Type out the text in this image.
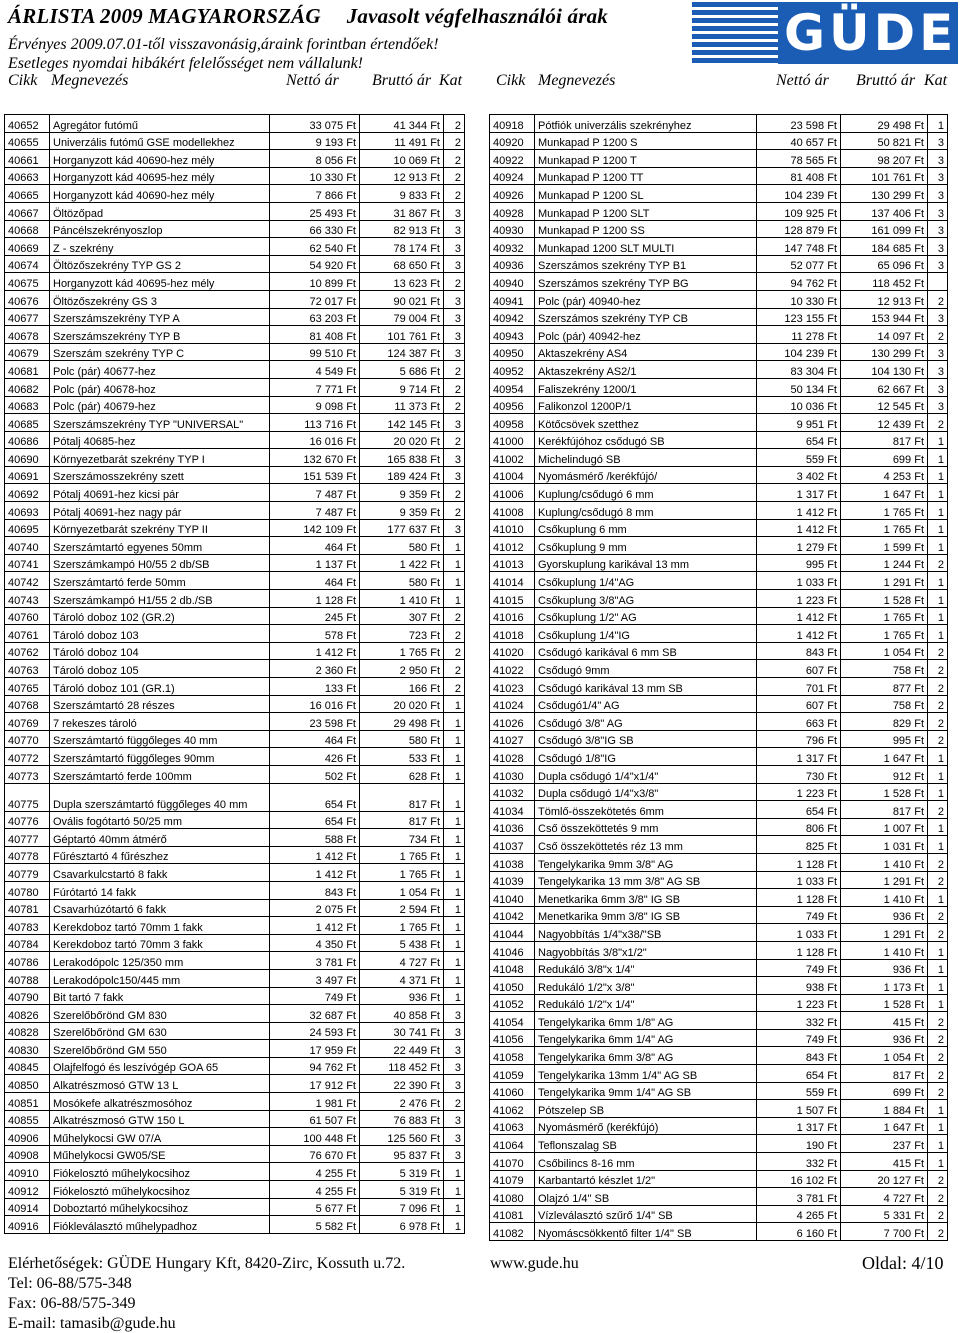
ÁRLISTA 2009 MAGYARORSZÁG Javasolt végfelhasználói árak
Érvényes 2009.07.01-től visszavonásig,áraink forintban értendőek!
Esetleges nyomdai hibákért felelősséget nem vállalunk!
GÜDE
Cikk Megnevezés	Nettó ár Bruttó ár Kat Cikk Megnevezés	Nettó ár Bruttó ár Kat
40652	Agregátor futómű	33 075 Ft	41 344 Ft	2
40655	Univerzális futómű GSE modellekhez	9 193 Ft	11 491 Ft	2
40661	Horganyzott kád 40690-hez mély	8 056 Ft	10 069 Ft	2
40663	Horganyzott kád 40695-hez mély	10 330 Ft	12 913 Ft	2
40665	Horganyzott kád 40690-hez mély	7 866 Ft	9 833 Ft	2
40667	Öltözőpad	25 493 Ft	31 867 Ft	3
40668	Páncélszekrényoszlop	66 330 Ft	82 913 Ft	3
40669	Z - szekrény	62 540 Ft	78 174 Ft	3
40674	Öltözőszekrény TYP GS 2	54 920 Ft	68 650 Ft	3
40675	Horganyzott kád 40695-hez mély	10 899 Ft	13 623 Ft	2
40676	Öltözőszekrény GS 3	72 017 Ft	90 021 Ft	3
40677	Szerszámszekrény TYP A	63 203 Ft	79 004 Ft	3
40678	Szerszámszekrény TYP B	81 408 Ft	101 761 Ft	3
40679	Szerszám szekrény TYP C	99 510 Ft	124 387 Ft	3
40681	Polc (pár) 40677-hez	4 549 Ft	5 686 Ft	2
40682	Polc (pár) 40678-hoz	7 771 Ft	9 714 Ft	2
40683	Polc (pár) 40679-hez	9 098 Ft	11 373 Ft	2
40685	Szerszámszekrény TYP "UNIVERSAL"	113 716 Ft	142 145 Ft	3
40686	Pótalj 40685-hez	16 016 Ft	20 020 Ft	2
40690	Környezetbarát szekrény TYP I	132 670 Ft	165 838 Ft	3
40691	Szerszámosszekrény szett	151 539 Ft	189 424 Ft	3
40692	Pótalj 40691-hez kicsi pár	7 487 Ft	9 359 Ft	2
40693	Pótalj 40691-hez nagy pár	7 487 Ft	9 359 Ft	2
40695	Környezetbarát szekrény TYP II	142 109 Ft	177 637 Ft	3
40740	Szerszámtartó egyenes 50mm	464 Ft	580 Ft	1
40741	Szerszámkampó H0/55 2 db/SB	1 137 Ft	1 422 Ft	1
40742	Szerszámtartó ferde 50mm	464 Ft	580 Ft	1
40743	Szerszámkampó H1/55 2 db./SB	1 128 Ft	1 410 Ft	1
40760	Tároló doboz 102 (GR.2)	245 Ft	307 Ft	2
40761	Tároló doboz 103	578 Ft	723 Ft	2
40762	Tároló doboz 104	1 412 Ft	1 765 Ft	2
40763	Tároló doboz 105	2 360 Ft	2 950 Ft	2
40765	Tároló doboz 101 (GR.1)	133 Ft	166 Ft	2
40768	Szerszámtartó 28 részes	16 016 Ft	20 020 Ft	1
40769	7 rekeszes tároló	23 598 Ft	29 498 Ft	1
40770	Szerszámtartó függőleges 40 mm	464 Ft	580 Ft	1
40772	Szerszámtartó függőleges 90mm	426 Ft	533 Ft	1
40773	Szerszámtartó ferde 100mm	502 Ft	628 Ft	1
40775	Dupla szerszámtartó függőleges 40 mm	654 Ft	817 Ft	1
40776	Ovális fogótartó 50/25 mm	654 Ft	817 Ft	1
40777	Géptartó 40mm átmérő	588 Ft	734 Ft	1
40778	Fűrésztartó 4 fűrészhez	1 412 Ft	1 765 Ft	1
40779	Csavarkulcstartó 8 fakk	1 412 Ft	1 765 Ft	1
40780	Fúrótartó 14 fakk	843 Ft	1 054 Ft	1
40781	Csavarhúzótartó 6 fakk	2 075 Ft	2 594 Ft	1
40783	Kerekdoboz tartó 70mm 1 fakk	1 412 Ft	1 765 Ft	1
40784	Kerekdoboz tartó 70mm 3 fakk	4 350 Ft	5 438 Ft	1
40786	Lerakodópolc 125/350 mm	3 781 Ft	4 727 Ft	1
40788	Lerakodópolc150/445 mm	3 497 Ft	4 371 Ft	1
40790	Bit tartó 7 fakk	749 Ft	936 Ft	1
40826	Szerelőbőrönd GM 830	32 687 Ft	40 858 Ft	3
40828	Szerelőbőrönd GM 630	24 593 Ft	30 741 Ft	3
40830	Szerelőbőrönd GM 550	17 959 Ft	22 449 Ft	3
40845	Olajfelfogó és leszívógép GOA 65	94 762 Ft	118 452 Ft	3
40850	Alkatrészmosó GTW 13 L	17 912 Ft	22 390 Ft	3
40851	Mosókefe alkatrészmosóhoz	1 981 Ft	2 476 Ft	2
40855	Alkatrészmosó GTW 150 L	61 507 Ft	76 883 Ft	3
40906	Műhelykocsi GW 07/A	100 448 Ft	125 560 Ft	3
40908	Műhelykocsi GW05/SE	76 670 Ft	95 837 Ft	3
40910	Fiókelosztó műhelykocsihoz	4 255 Ft	5 319 Ft	1
40912	Fiókelosztó műhelykocsihoz	4 255 Ft	5 319 Ft	1
40914	Doboztartó műhelykocsihoz	5 677 Ft	7 096 Ft	1
40916	Fiókleválasztó műhelypadhoz	5 582 Ft	6 978 Ft	1
40918	Pótfiók univerzális szekrényhez	23 598 Ft	29 498 Ft	1
40920	Munkapad P 1200 S	40 657 Ft	50 821 Ft	3
40922	Munkapad P 1200 T	78 565 Ft	98 207 Ft	3
40924	Munkapad P 1200 TT	81 408 Ft	101 761 Ft	3
40926	Munkapad P 1200 SL	104 239 Ft	130 299 Ft	3
40928	Munkapad P 1200 SLT	109 925 Ft	137 406 Ft	3
40930	Munkapad P 1200 SS	128 879 Ft	161 099 Ft	3
40932	Munkapad 1200 SLT MULTI	147 748 Ft	184 685 Ft	3
40936	Szerszámos szekrény TYP B1	52 077 Ft	65 096 Ft	3
40940	Szerszámos szekrény TYP BG	94 762 Ft	118 452 Ft	
40941	Polc (pár) 40940-hez	10 330 Ft	12 913 Ft	2
40942	Szerszámos szekrény TYP CB	123 155 Ft	153 944 Ft	3
40943	Polc (pár) 40942-hez	11 278 Ft	14 097 Ft	2
40950	Aktaszekrény AS4	104 239 Ft	130 299 Ft	3
40952	Aktaszekrény AS2/1	83 304 Ft	104 130 Ft	3
40954	Faliszekrény 1200/1	50 134 Ft	62 667 Ft	3
40956	Falikonzol 1200P/1	10 036 Ft	12 545 Ft	3
40958	Kötőcsövek szetthez	9 951 Ft	12 439 Ft	2
41000	Kerékfújóhoz csődugó SB	654 Ft	817 Ft	1
41002	Michelindugó SB	559 Ft	699 Ft	1
41004	Nyomásmérő /kerékfújó/	3 402 Ft	4 253 Ft	1
41006	Kuplung/csődugó 6 mm	1 317 Ft	1 647 Ft	1
41008	Kuplung/csődugó 8 mm	1 412 Ft	1 765 Ft	1
41010	Csőkuplung 6 mm	1 412 Ft	1 765 Ft	1
41012	Csőkuplung 9 mm	1 279 Ft	1 599 Ft	1
41013	Gyorskuplung karikával 13 mm	995 Ft	1 244 Ft	2
41014	Csőkuplung 1/4"AG	1 033 Ft	1 291 Ft	1
41015	Csőkuplung 3/8"AG	1 223 Ft	1 528 Ft	1
41016	Csőkuplung 1/2" AG	1 412 Ft	1 765 Ft	1
41018	Csőkuplung 1/4"IG	1 412 Ft	1 765 Ft	1
41020	Csődugó karikával 6 mm SB	843 Ft	1 054 Ft	2
41022	Csődugó 9mm	607 Ft	758 Ft	2
41023	Csődugó karikával 13 mm SB	701 Ft	877 Ft	2
41024	Csődugó1/4" AG	607 Ft	758 Ft	2
41026	Csődugó 3/8" AG	663 Ft	829 Ft	2
41027	Csődugó 3/8"IG SB	796 Ft	995 Ft	2
41028	Csődugó 1/8"IG	1 317 Ft	1 647 Ft	1
41030	Dupla csődugó 1/4"x1/4"	730 Ft	912 Ft	1
41032	Dupla csődugó 1/4"x3/8"	1 223 Ft	1 528 Ft	1
41034	Tömlő-összekötetés 6mm	654 Ft	817 Ft	2
41036	Cső összeköttetés 9 mm	806 Ft	1 007 Ft	1
41037	Cső összeköttetés réz 13 mm	825 Ft	1 031 Ft	1
41038	Tengelykarika 9mm 3/8" AG	1 128 Ft	1 410 Ft	2
41039	Tengelykarika 13 mm 3/8" AG SB	1 033 Ft	1 291 Ft	2
41040	Menetkarika 6mm 3/8" IG SB	1 128 Ft	1 410 Ft	1
41042	Menetkarika 9mm 3/8" IG SB	749 Ft	936 Ft	2
41044	Nagyobbítás 1/4"x38/"SB	1 033 Ft	1 291 Ft	2
41046	Nagyobbítás 3/8"x1/2"	1 128 Ft	1 410 Ft	1
41048	Redukáló 3/8"x 1/4"	749 Ft	936 Ft	1
41050	Redukáló 1/2"x 3/8"	938 Ft	1 173 Ft	1
41052	Redukáló 1/2"x 1/4"	1 223 Ft	1 528 Ft	1
41054	Tengelykarika 6mm 1/8" AG	332 Ft	415 Ft	2
41056	Tengelykarika 6mm 1/4" AG	749 Ft	936 Ft	2
41058	Tengelykarika 6mm 3/8" AG	843 Ft	1 054 Ft	2
41059	Tengelykarika 13mm 1/4" AG SB	654 Ft	817 Ft	2
41060	Tengelykarika 9mm 1/4" AG SB	559 Ft	699 Ft	2
41062	Pótszelep SB	1 507 Ft	1 884 Ft	1
41063	Nyomásmérő (kerékfújó)	1 317 Ft	1 647 Ft	1
41064	Teflonszalag SB	190 Ft	237 Ft	1
41070	Csőbilincs 8-16 mm	332 Ft	415 Ft	1
41079	Karbantartó készlet 1/2"	16 102 Ft	20 127 Ft	2
41080	Olajzó 1/4" SB	3 781 Ft	4 727 Ft	2
41081	Vízleválasztó szűrő 1/4" SB	4 265 Ft	5 331 Ft	2
41082	Nyomáscsökkentő filter 1/4" SB	6 160 Ft	7 700 Ft	2
Elérhetőségek: GÜDE Hungary Kft, 8420-Zirc, Kossuth u.72.
Tel: 06-88/575-348
Fax: 06-88/575-349
E-mail: tamasib@gude.hu
www.gude.hu	Oldal: 4/10
